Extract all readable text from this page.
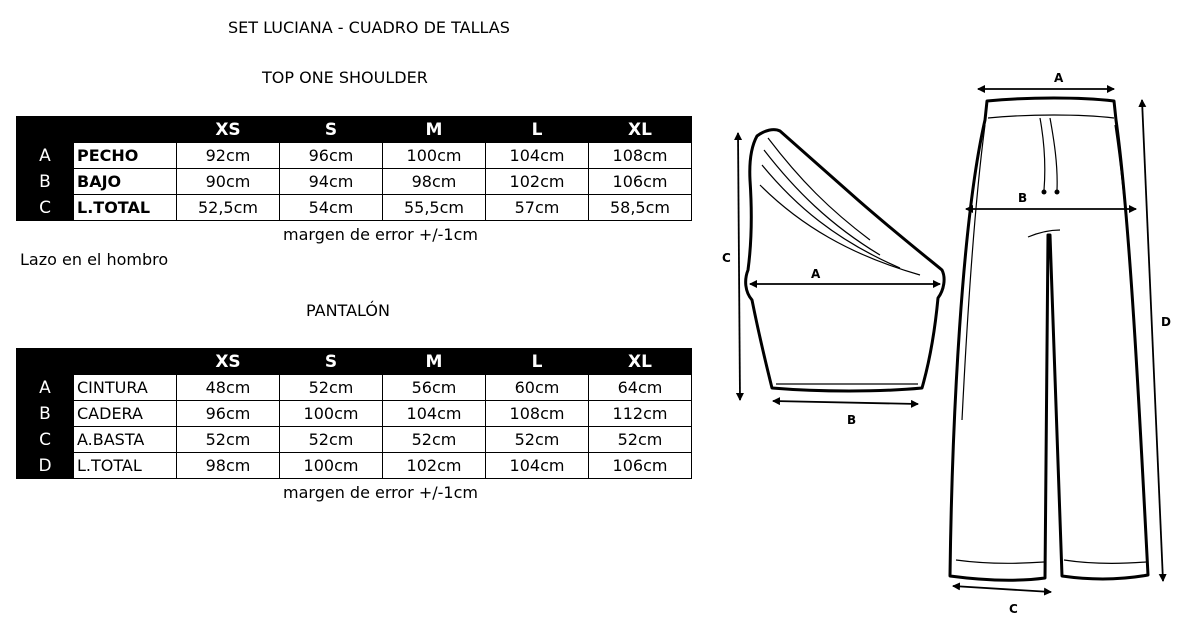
SET LUCIANA - CUADRO DE TALLAS
TOP ONE SHOULDER
		XS	S	M	L	XL
A	PECHO	92cm	96cm	100cm	104cm	108cm
B	BAJO	90cm	94cm	98cm	102cm	106cm
C	L.TOTAL	52,5cm	54cm	55,5cm	57cm	58,5cm
margen de error +/-1cm
Lazo en el hombro
PANTALÓN
		XS	S	M	L	XL
A	CINTURA	48cm	52cm	56cm	60cm	64cm
B	CADERA	96cm	100cm	104cm	108cm	112cm
C	A.BASTA	52cm	52cm	52cm	52cm	52cm
D	L.TOTAL	98cm	100cm	102cm	104cm	106cm
margen de error +/-1cm
A
B
C
A
B
C
D
